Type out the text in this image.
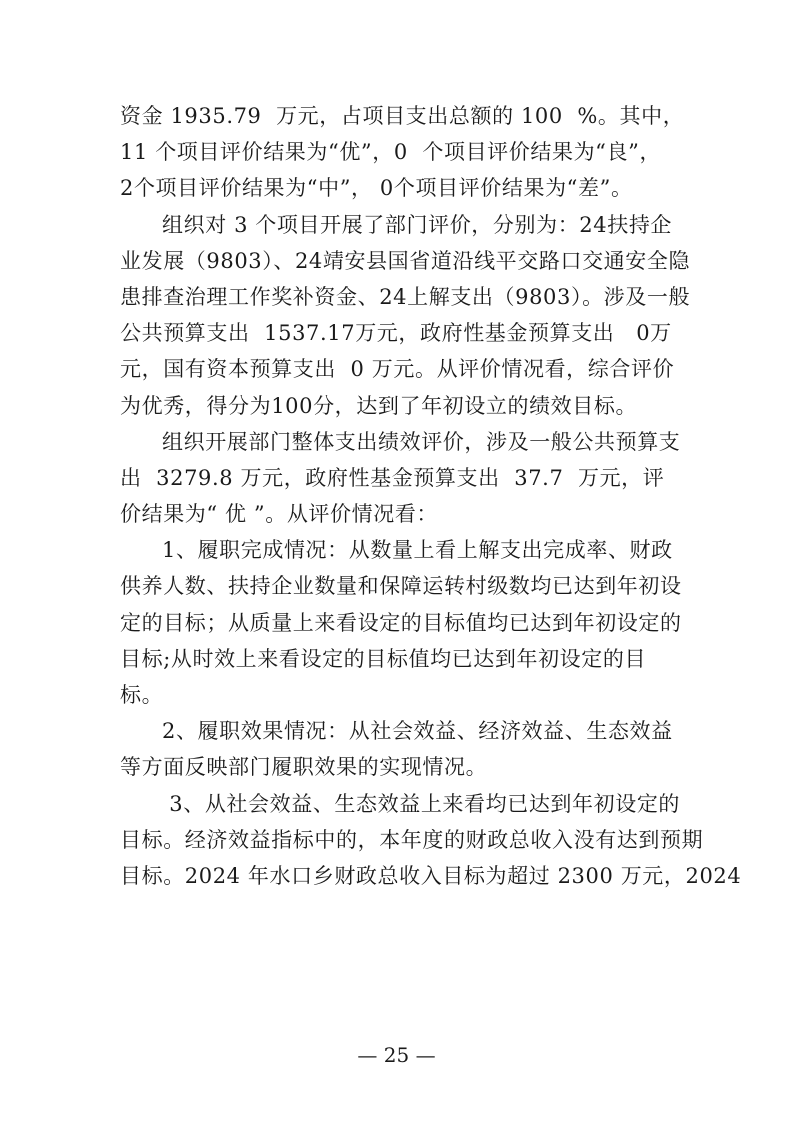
资金 1935.79  万元，占项目支出总额的 100  %。其中，
11 个项目评价结果为“优”，0  个项目评价结果为“良”，
2个项目评价结果为“中”， 0个项目评价结果为“差”。
组织对 3 个项目开展了部门评价，分别为：24扶持企
业发展（9803）、24靖安县国省道沿线平交路口交通安全隐
患排查治理工作奖补资金、24上解支出（9803）。涉及一般
公共预算支出  1537.17万元，政府性基金预算支出   0万
元，国有资本预算支出  0 万元。从评价情况看，综合评价
为优秀，得分为100分，达到了年初设立的绩效目标。
组织开展部门整体支出绩效评价，涉及一般公共预算支
出  3279.8 万元，政府性基金预算支出  37.7  万元，评
价结果为“ 优 ”。从评价情况看：
1、履职完成情况：从数量上看上解支出完成率、财政
供养人数、扶持企业数量和保障运转村级数均已达到年初设
定的目标；从质量上来看设定的目标值均已达到年初设定的
目标;从时效上来看设定的目标值均已达到年初设定的目
标。
2、履职效果情况：从社会效益、经济效益、生态效益
等方面反映部门履职效果的实现情况。
3、从社会效益、生态效益上来看均已达到年初设定的
目标。经济效益指标中的，本年度的财政总收入没有达到预期
目标。2024 年水口乡财政总收入目标为超过 2300 万元，2024
— 25 —
